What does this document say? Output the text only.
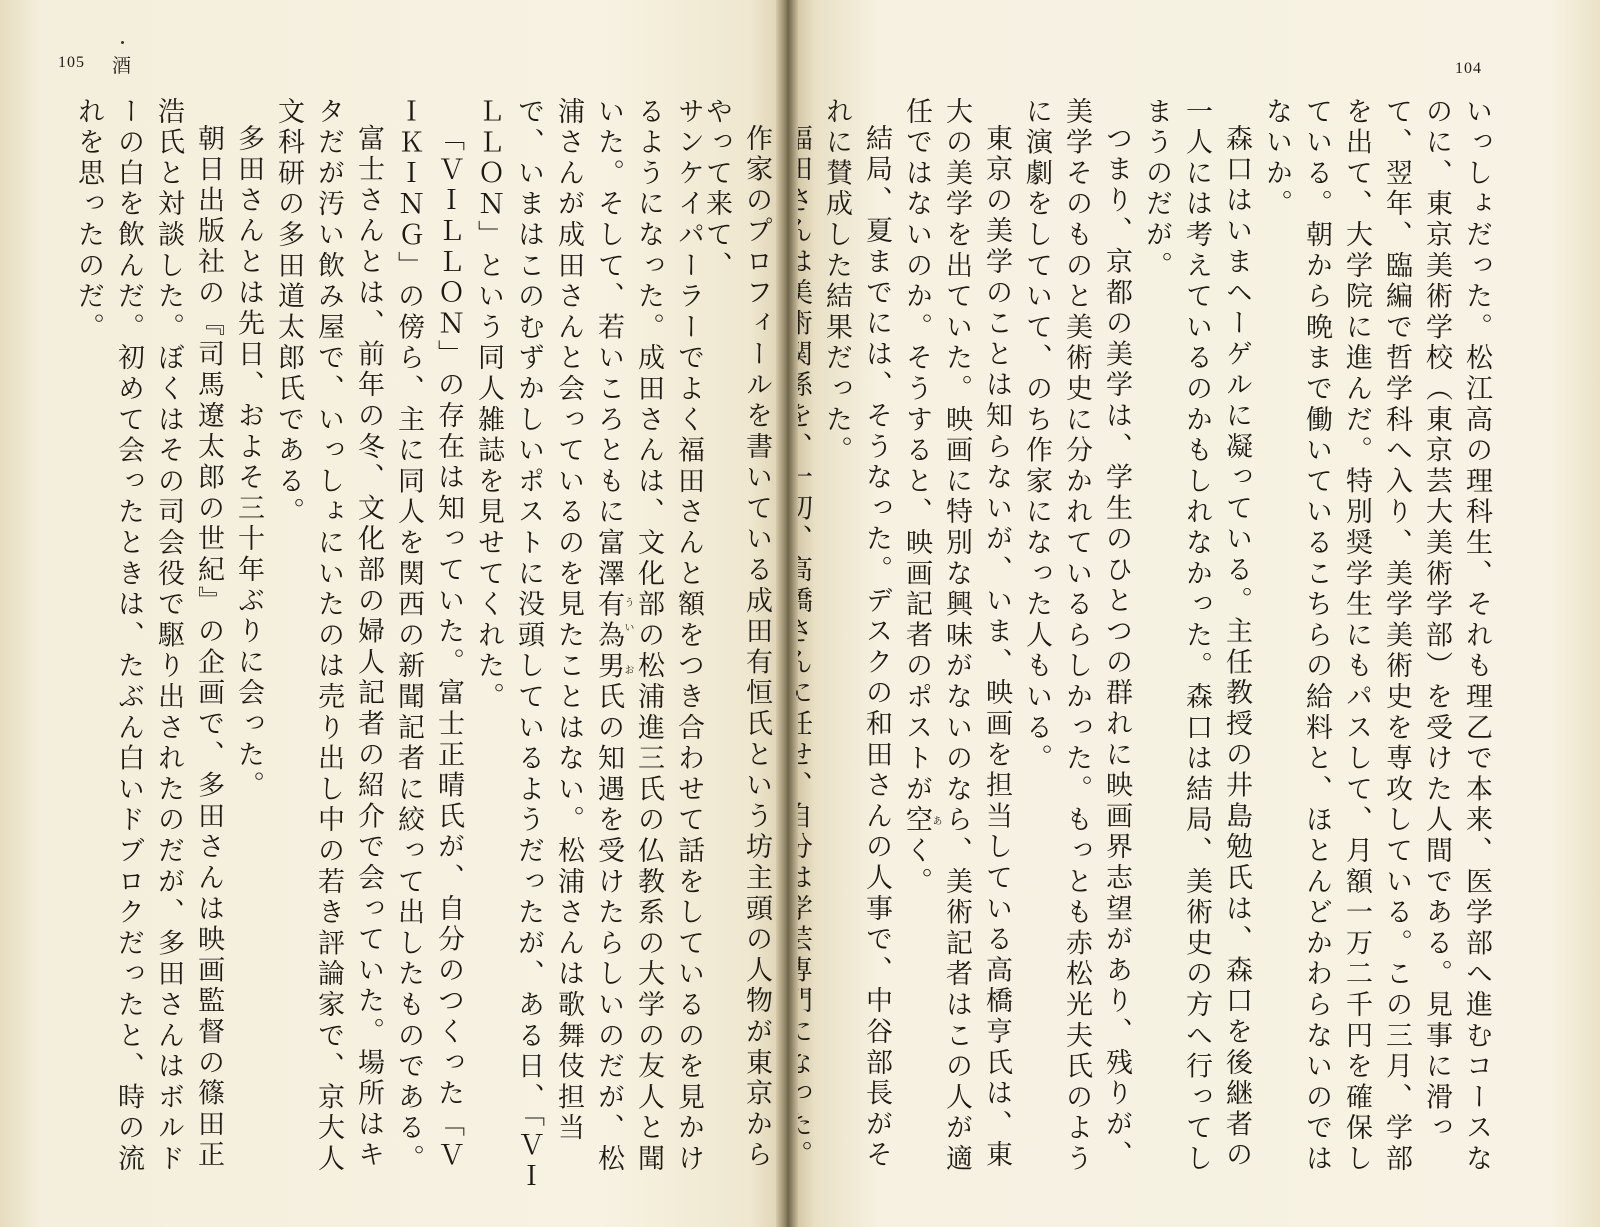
105 酒

サンケイパーラーでよく福田さんと額をつき合わせて話をしているのを見かけるようになった。成田さんは、文化部の松浦進三氏の仏教系の大学の友人と聞いた。そして、若いころともに富澤有為男うい お氏の知遇を受けたらしいのだが、松浦さんが成田さんと会っているのを見たことはない。松浦さんは歌舞伎担当で、いまはこのむずかしいポストに没頭しているようだったが、ある日、「ＶＩＬＬＯＮ」という同人雑誌を見せてくれた。

「ＶＩＬＬＯＮ」の存在は知っていた。富士正晴氏が、自分のつくった「ＶＩＫＩＮＧ」の傍ら、主に同人を関西の新聞記者に絞って出したものである。

富士さんとは、前年の冬、文化部の婦人記者の紹介で会っていた。場所はキタだが汚い飲み屋で、いっしょにいたのは売り出し中の若き評論家で、京大人文科研の多田道太郎氏である。

多田さんとは先日、およそ三十年ぶりに会った。

朝日出版社の『司馬遼太郎の世紀』の企画で、多田さんは映画監督の篠田正浩氏と対談した。ぼくはその司会役で駆り出されたのだが、多田さんはボルドーの白を飲んだ。初めて会ったときは、たぶん白いドブロクだったと、時の流れを思ったのだ。

104

いっしょだった。松江高の理科生、それも理乙で本来、医学部へ進むコースなのに、東京美術学校（東京芸大美術学部）を受けた人間である。見事に滑って、翌年、臨編で哲学科へ入り、美学美術史を専攻している。この三月、学部を出て、大学院に進んだ。特別奨学生にもパスして、月額一万二千円を確保している。朝から晩まで働いているこちらの給料と、ほとんどかわらないのではないか。

森口はいまヘーゲルに凝っている。主任教授の井島勉氏は、森口を後継者の一人には考えているのかもしれなかった。森口は結局、美術史の方へ行ってしまうのだが。

つまり、京都の美学は、学生のひとつの群れに映画界志望があり、残りが、美学そのものと美術史に分かれているらしかった。もっとも赤松光夫氏のように演劇をしていて、のち作家になった人もいる。

東京の美学のことは知らないが、いま、映画を担当している高橋亨氏は、東大の美学を出ていた。映画に特別な興味がないのなら、美術記者はこの人が適任ではないのか。そうすると、映画記者のポストが空あく。

結局、夏までには、そうなった。デスクの和田さんの人事で、中谷部長がそれに賛成した結果だった。

作家のプロフィールを書いている成田有恒氏という坊主頭の人物が東京からやって来て、
